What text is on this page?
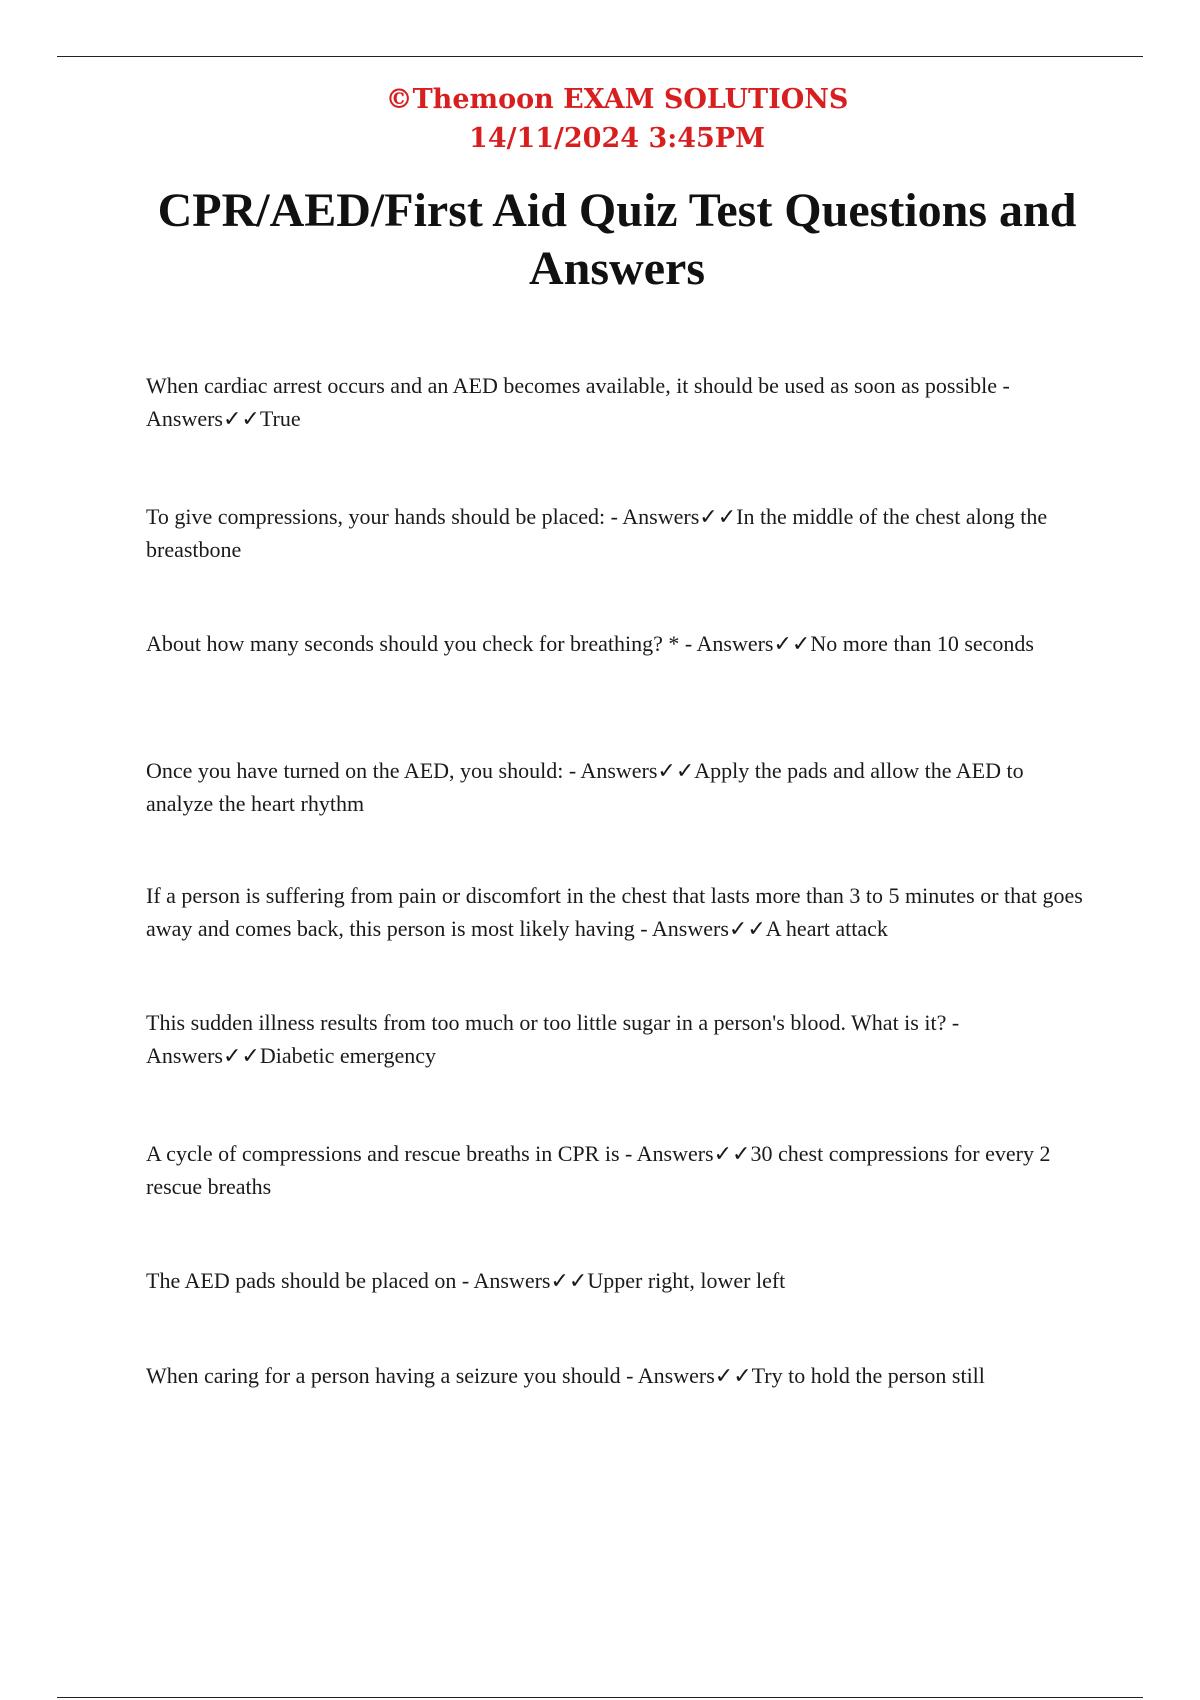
©Themoon EXAM SOLUTIONS
14/11/2024 3:45PM
CPR/AED/First Aid Quiz Test Questions and Answers

When cardiac arrest occurs and an AED becomes available, it should be used as soon as possible - Answers✓✓True

To give compressions, your hands should be placed: - Answers✓✓In the middle of the chest along the breastbone

About how many seconds should you check for breathing? * - Answers✓✓No more than 10 seconds

Once you have turned on the AED, you should: - Answers✓✓Apply the pads and allow the AED to analyze the heart rhythm

If a person is suffering from pain or discomfort in the chest that lasts more than 3 to 5 minutes or that goes away and comes back, this person is most likely having - Answers✓✓A heart attack

This sudden illness results from too much or too little sugar in a person's blood. What is it? - Answers✓✓Diabetic emergency

A cycle of compressions and rescue breaths in CPR is - Answers✓✓30 chest compressions for every 2 rescue breaths

The AED pads should be placed on - Answers✓✓Upper right, lower left

When caring for a person having a seizure you should - Answers✓✓Try to hold the person still
